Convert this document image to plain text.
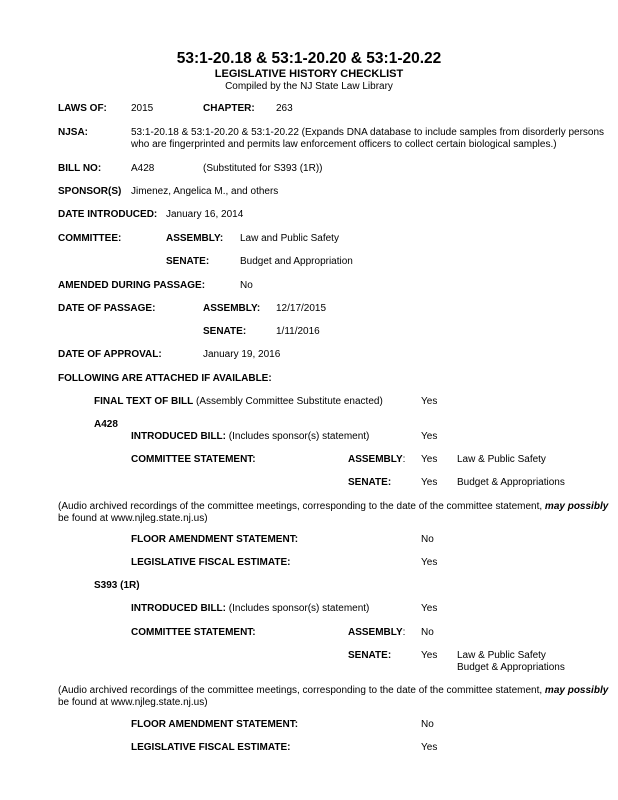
53:1-20.18 & 53:1-20.20 & 53:1-20.22
LEGISLATIVE HISTORY CHECKLIST
Compiled by the NJ State Law Library
LAWS OF: 2015	CHAPTER: 263
NJSA:	53:1-20.18 & 53:1-20.20 & 53:1-20.22 (Expands DNA database to include samples from disorderly persons
who are fingerprinted and permits law enforcement officers to collect certain biological samples.)
BILL NO:	A428	(Substituted for S393 (1R))
SPONSOR(S) Jimenez, Angelica M., and others
DATE INTRODUCED: January 16, 2014
COMMITTEE:	ASSEMBLY: Law and Public Safety
SENATE:	Budget and Appropriation
AMENDED DURING PASSAGE:	No
DATE OF PASSAGE:	ASSEMBLY: 12/17/2015
SENATE:	1/11/2016
DATE OF APPROVAL:	January 19, 2016
FOLLOWING ARE ATTACHED IF AVAILABLE:
FINAL TEXT OF BILL (Assembly Committee Substitute enacted)	Yes
A428
INTRODUCED BILL: (Includes sponsor(s) statement)	Yes
COMMITTEE STATEMENT:	ASSEMBLY: Yes Law & Public Safety
SENATE:	Yes Budget & Appropriations
(Audio archived recordings of the committee meetings, corresponding to the date of the committee statement, may possibly
be found at www.njleg.state.nj.us)
FLOOR AMENDMENT STATEMENT:	No
LEGISLATIVE FISCAL ESTIMATE:	Yes
S393 (1R)
INTRODUCED BILL: (Includes sponsor(s) statement)	Yes
COMMITTEE STATEMENT:	ASSEMBLY: No
SENATE:	Yes Law & Public Safety
Budget & Appropriations
(Audio archived recordings of the committee meetings, corresponding to the date of the committee statement, may possibly
be found at www.njleg.state.nj.us)
FLOOR AMENDMENT STATEMENT:	No
LEGISLATIVE FISCAL ESTIMATE:	Yes
